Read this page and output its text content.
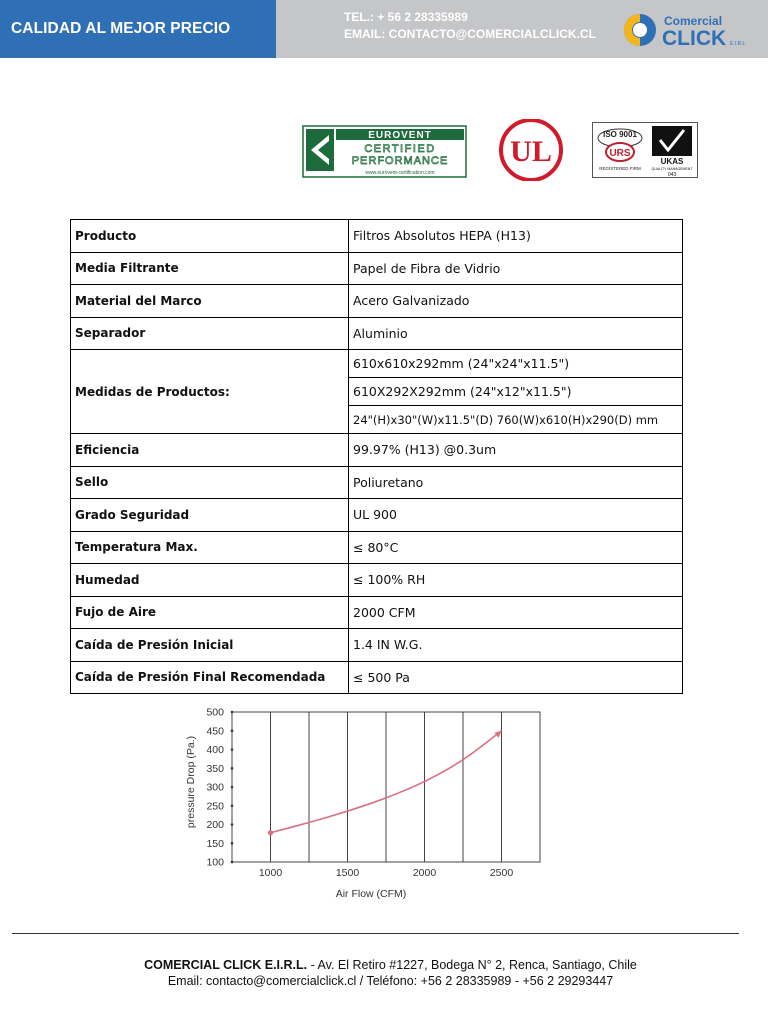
CALIDAD AL MEJOR PRECIO
TEL.: + 56 2 28335989
EMAIL: CONTACTO@COMERCIALCLICK.CL
Comercial
CLICK E.I.R.L
EUROVENT
CERTIFIED
PERFORMANCE
www.eurovent-certification.com
UL
ISO 9001
URS
REGISTERED FIRM
UKAS
QUALITY MANAGEMENT
043
Producto	Filtros Absolutos HEPA (H13)
Media Filtrante	Papel de Fibra de Vidrio
Material del Marco	Acero Galvanizado
Separador	Aluminio
Medidas de Productos:	610x610x292mm (24"x24"x11.5")
	610X292X292mm (24"x12"x11.5")
	24"(H)x30"(W)x11.5"(D) 760(W)x610(H)x290(D) mm
Eficiencia	99.97% (H13) @0.3um
Sello	Poliuretano
Grado Seguridad	UL 900
Temperatura Max.	≤ 80°C
Humedad	≤ 100% RH
Fujo de Aire	2000 CFM
Caída de Presión Inicial	1.4 IN W.G.
Caída de Presión Final Recomendada	≤ 500 Pa
100
150
200
250
300
350
400
450
500
1000	1500	2000	2500
Air Flow (CFM)
pressure Drop (Pa.)
COMERCIAL CLICK E.I.R.L. - Av. El Retiro #1227, Bodega N° 2, Renca, Santiago, Chile
Email: contacto@comercialclick.cl / Teléfono: +56 2 28335989 - +56 2 29293447
